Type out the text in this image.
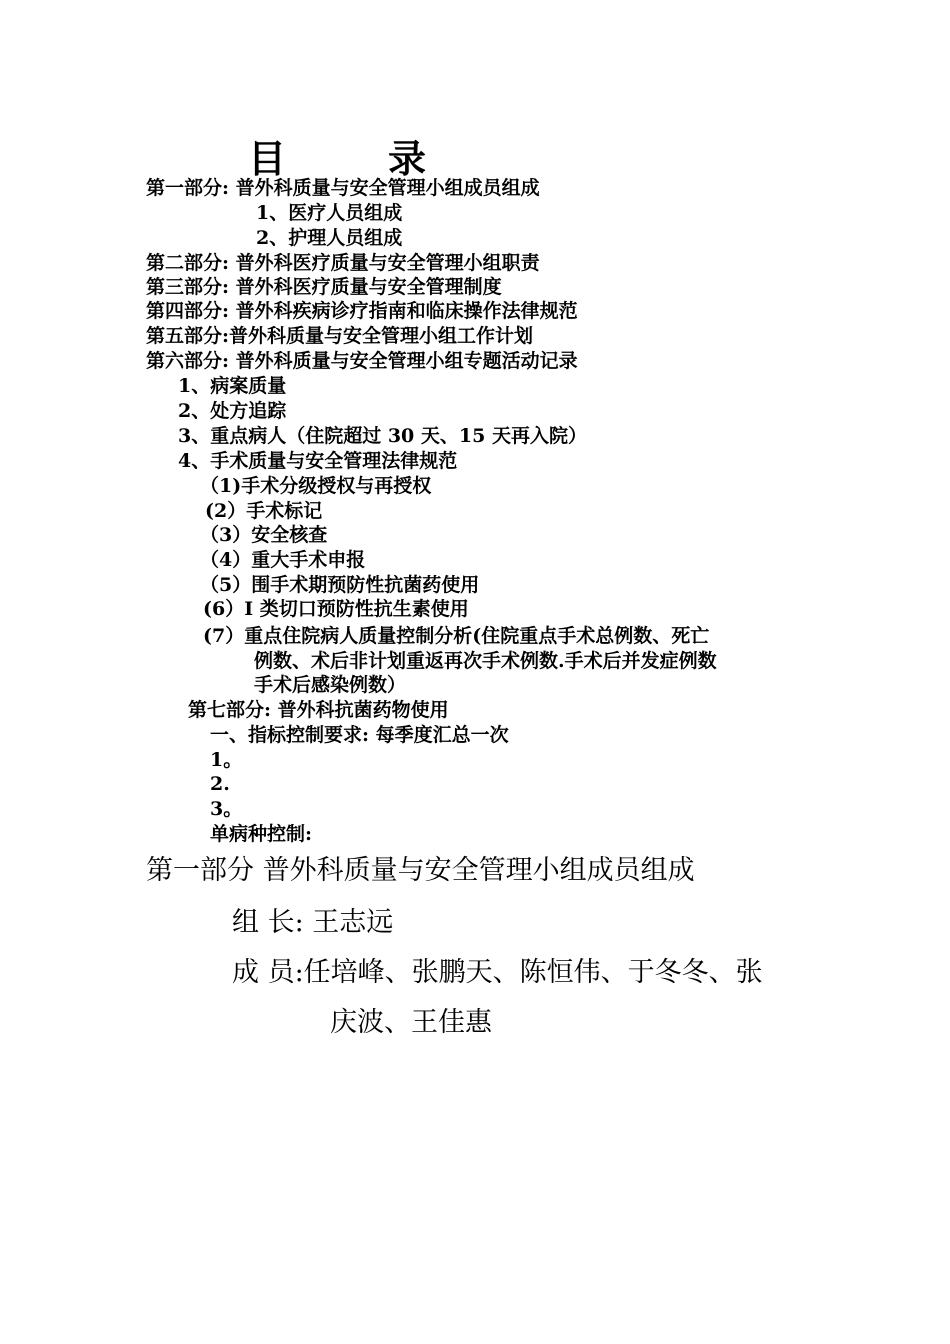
目	录
第一部分: 普外科质量与安全管理小组成员组成
1、医疗人员组成
2、护理人员组成
第二部分: 普外科医疗质量与安全管理小组职责
第三部分: 普外科医疗质量与安全管理制度
第四部分: 普外科疾病诊疗指南和临床操作法律规范
第五部分:普外科质量与安全管理小组工作计划
第六部分: 普外科质量与安全管理小组专题活动记录
1、病案质量
2、处方追踪
3、重点病人（住院超过 30 天、15 天再入院）
4、手术质量与安全管理法律规范
（1)手术分级授权与再授权
(2）手术标记
（3）安全核查
（4）重大手术申报
（5）围手术期预防性抗菌药使用
(6）I 类切口预防性抗生素使用
(7）重点住院病人质量控制分析(住院重点手术总例数、死亡
例数、术后非计划重返再次手术例数.手术后并发症例数
手术后感染例数）
第七部分: 普外科抗菌药物使用
一、指标控制要求: 每季度汇总一次
1。
2.
3。
单病种控制:
第一部分 普外科质量与安全管理小组成员组成
组 长: 王志远
成 员:任培峰、张鹏天、陈恒伟、于冬冬、张
庆波、王佳惠
